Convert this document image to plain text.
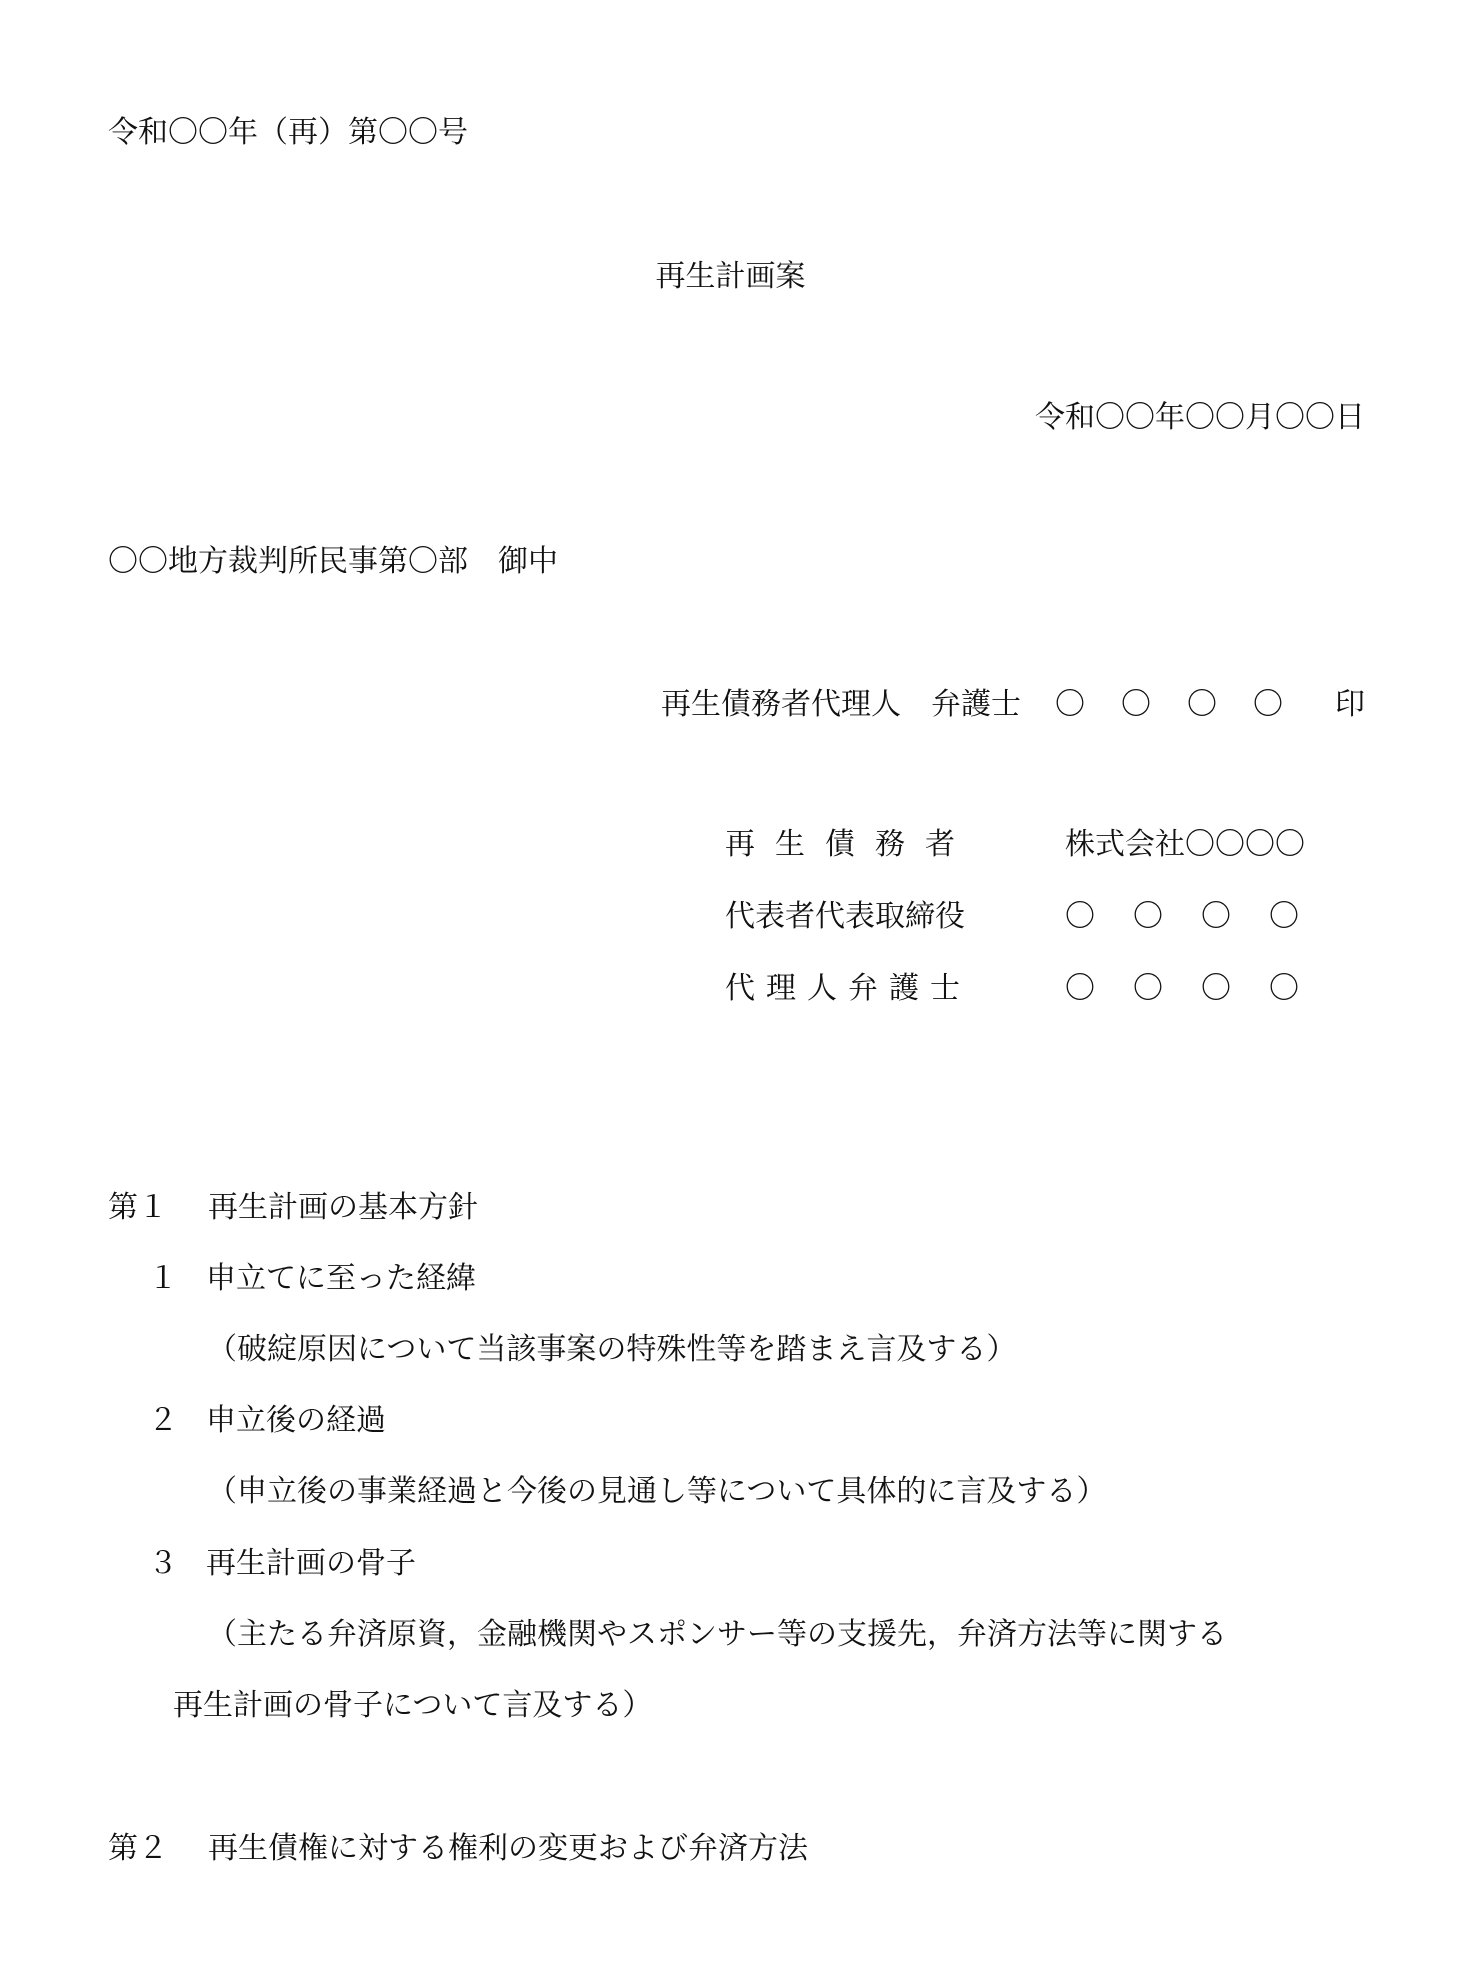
令和〇〇年（再）第〇〇号
再生計画案
令和〇〇年〇〇月〇〇日
〇〇地方裁判所民事第〇部　御中
再生債務者代理人　弁護士 〇〇〇〇 印
再生債務者	株式会社〇〇〇〇
代表者代表取締役	〇〇〇〇
代理人弁護士	〇〇〇〇
第１ 再生計画の基本方針
１ 申立てに至った経緯
（破綻原因について当該事案の特殊性等を踏まえ言及する）
２ 申立後の経過
（申立後の事業経過と今後の見通し等について具体的に言及する）
３ 再生計画の骨子
（主たる弁済原資，金融機関やスポンサー等の支援先，弁済方法等に関する
再生計画の骨子について言及する）
第２ 再生債権に対する権利の変更および弁済方法
